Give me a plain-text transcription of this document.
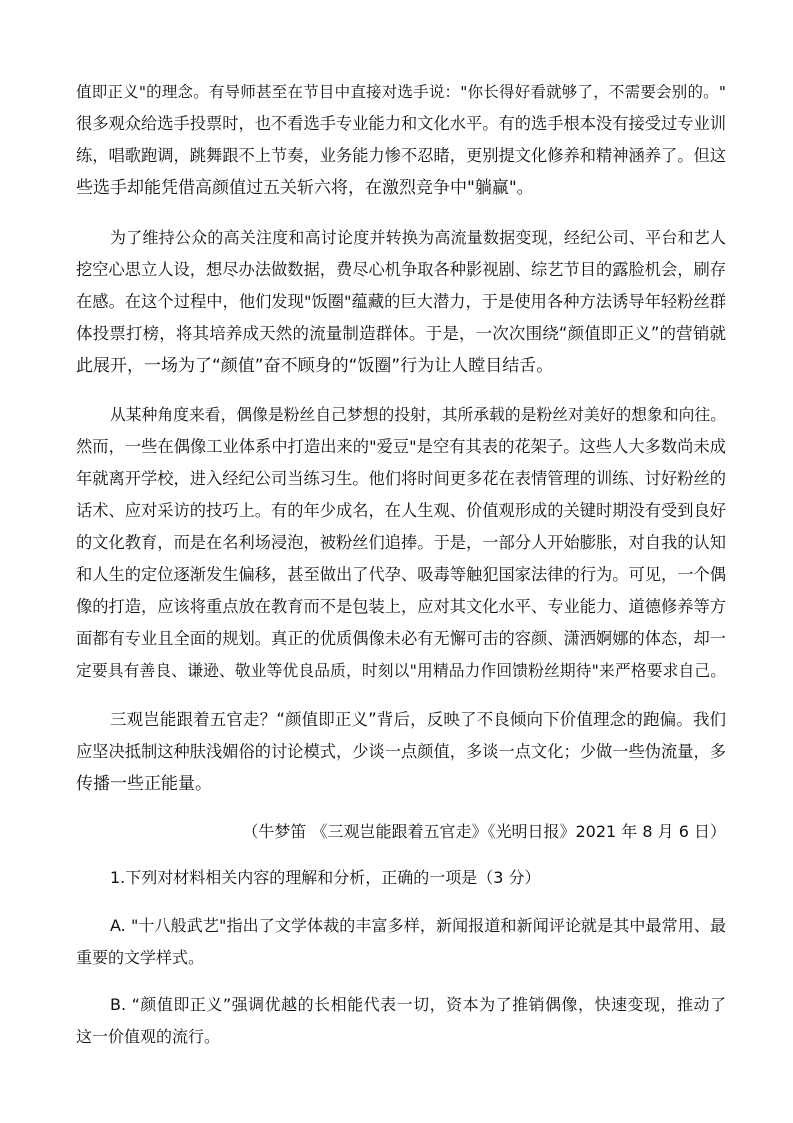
值即正义"的理念。有导师甚至在节目中直接对选手说："你长得好看就够了，不需要会别的。"
很多观众给选手投票时，也不看选手专业能力和文化水平。有的选手根本没有接受过专业训
练，唱歌跑调，跳舞跟不上节奏，业务能力惨不忍睹，更别提文化修养和精神涵养了。但这
些选手却能凭借高颜值过五关斩六将，在激烈竞争中"躺赢"。
为了维持公众的高关注度和高讨论度并转换为高流量数据变现，经纪公司、平台和艺人
挖空心思立人设，想尽办法做数据，费尽心机争取各种影视剧、综艺节目的露脸机会，刷存
在感。在这个过程中，他们发现"饭圈"蕴藏的巨大潜力，于是使用各种方法诱导年轻粉丝群
体投票打榜，将其培养成天然的流量制造群体。于是，一次次围绕“颜值即正义”的营销就
此展开，一场为了“颜值”奋不顾身的“饭圈”行为让人瞠目结舌。
从某种角度来看，偶像是粉丝自己梦想的投射，其所承载的是粉丝对美好的想象和向往。
然而，一些在偶像工业体系中打造出来的"爱豆"是空有其表的花架子。这些人大多数尚未成
年就离开学校，进入经纪公司当练习生。他们将时间更多花在表情管理的训练、讨好粉丝的
话术、应对采访的技巧上。有的年少成名，在人生观、价值观形成的关键时期没有受到良好
的文化教育，而是在名利场浸泡，被粉丝们追捧。于是，一部分人开始膨胀，对自我的认知
和人生的定位逐渐发生偏移，甚至做出了代孕、吸毒等触犯国家法律的行为。可见，一个偶
像的打造，应该将重点放在教育而不是包装上，应对其文化水平、专业能力、道德修养等方
面都有专业且全面的规划。真正的优质偶像未必有无懈可击的容颜、潇洒婀娜的体态，却一
定要具有善良、谦逊、敬业等优良品质，时刻以"用精品力作回馈粉丝期待"来严格要求自己。
三观岂能跟着五官走？“颜值即正义”背后，反映了不良倾向下价值理念的跑偏。我们
应坚决抵制这种肤浅媚俗的讨论模式，少谈一点颜值，多谈一点文化；少做一些伪流量，多
传播一些正能量。
（牛梦笛 《三观岂能跟着五官走》《光明日报》2021 年 8 月 6 日）
1.下列对材料相关内容的理解和分析，正确的一项是（3 分）
A. "十八般武艺"指出了文学体裁的丰富多样，新闻报道和新闻评论就是其中最常用、最
重要的文学样式。
B. “颜值即正义”强调优越的长相能代表一切，资本为了推销偶像，快速变现，推动了
这一价值观的流行。
